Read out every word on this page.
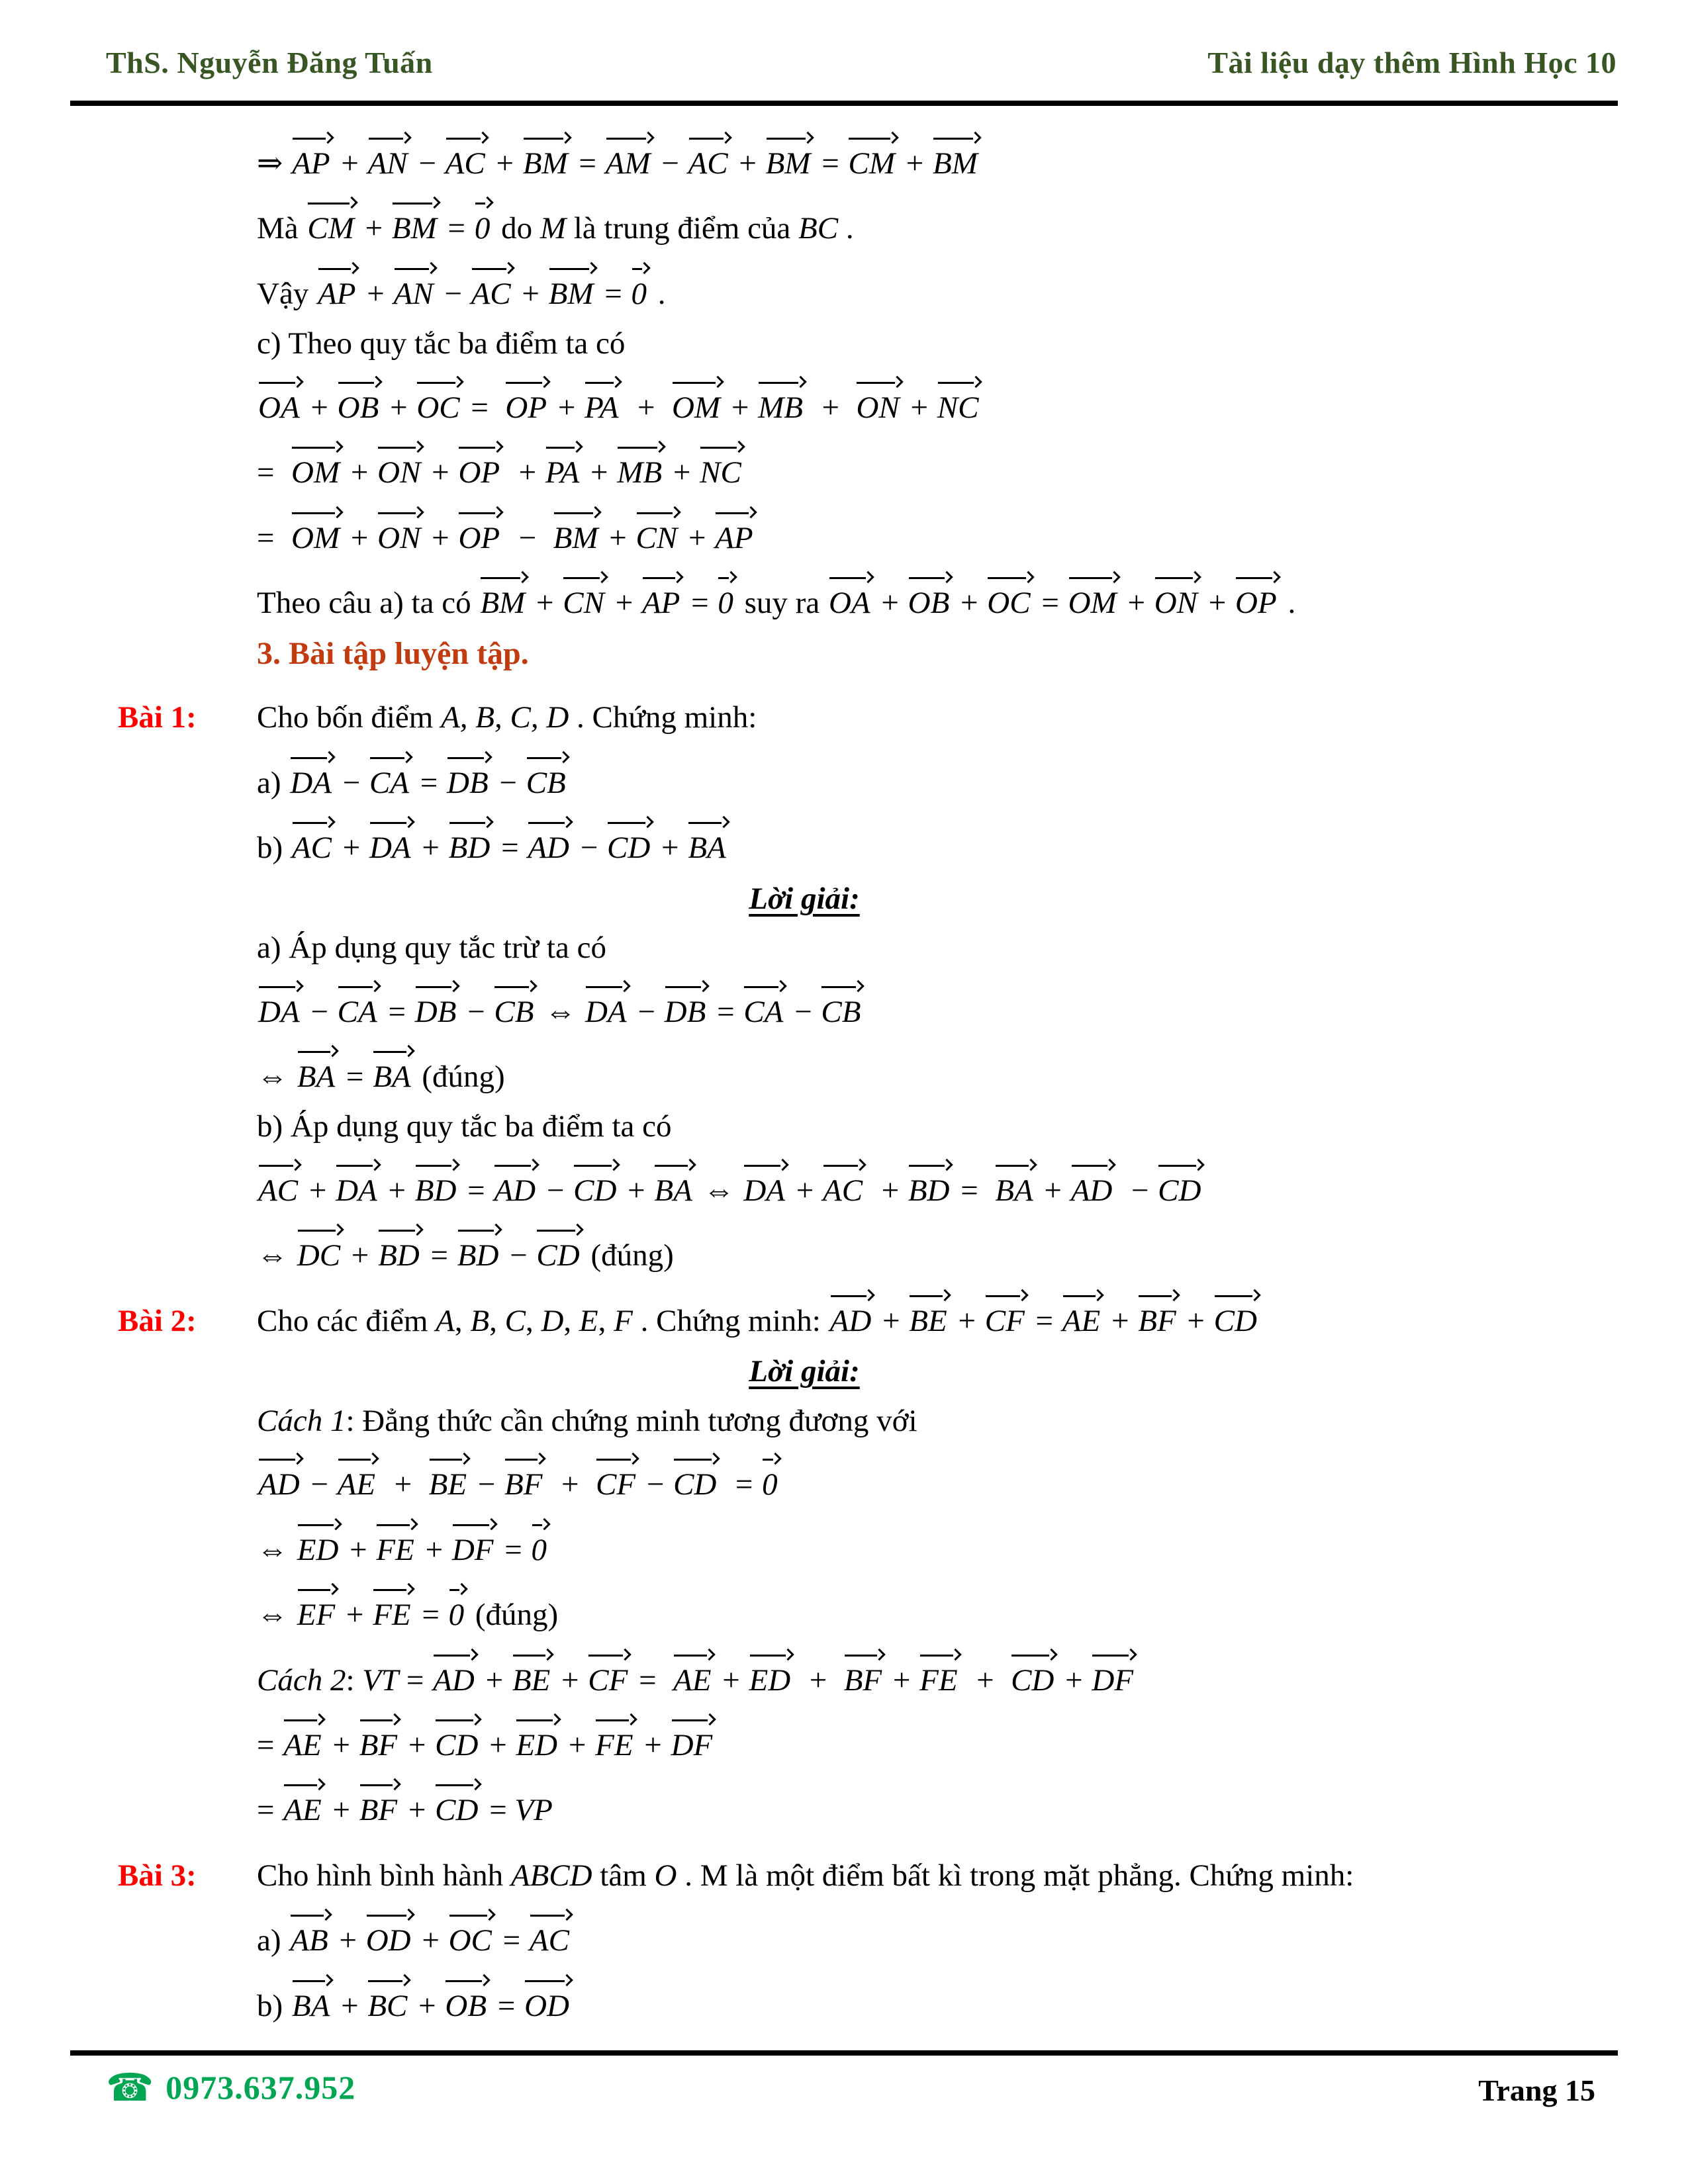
ThS. Nguyễn Đăng Tuấn	Tài liệu dạy thêm Hình Học 10
⇒ AP + AN − AC + BM = AM − AC + BM = CM + BM
Mà CM + BM = 0 do M là trung điểm của BC .
Vậy AP + AN − AC + BM = 0 .
c) Theo quy tắc ba điểm ta có
OA + OB + OC =  OP + PA  +  OM + MB  +  ON + NC
=  OM + ON + OP  + PA + MB + NC
=  OM + ON + OP  −  BM + CN + AP
Theo câu a) ta có BM + CN + AP = 0 suy ra OA + OB + OC = OM + ON + OP .
3. Bài tập luyện tập.
Bài 1: Cho bốn điểm A, B, C, D . Chứng minh:
a) DA − CA = DB − CB
b) AC + DA + BD = AD − CD + BA
Lời giải:
a) Áp dụng quy tắc trừ ta có
DA − CA = DB − CB ⇔ DA − DB = CA − CB
⇔ BA = BA (đúng)
b) Áp dụng quy tắc ba điểm ta có
AC + DA + BD = AD − CD + BA ⇔ DA + AC  + BD =  BA + AD  − CD
⇔ DC + BD = BD − CD (đúng)
Bài 2: Cho các điểm A, B, C, D, E, F . Chứng minh: AD + BE + CF = AE + BF + CD
Lời giải:
Cách 1: Đẳng thức cần chứng minh tương đương với
AD − AE  +  BE − BF  +  CF − CD  = 0
⇔ ED + FE + DF = 0
⇔ EF + FE = 0 (đúng)
Cách 2: VT = AD + BE + CF =  AE + ED  +  BF + FE  +  CD + DF
= AE + BF + CD + ED + FE + DF
= AE + BF + CD = VP
Bài 3: Cho hình bình hành ABCD tâm O . M là một điểm bất kì trong mặt phẳng. Chứng minh:
a) AB + OD + OC = AC
b) BA + BC + OB = OD
☎ 0973.637.952	Trang 15
